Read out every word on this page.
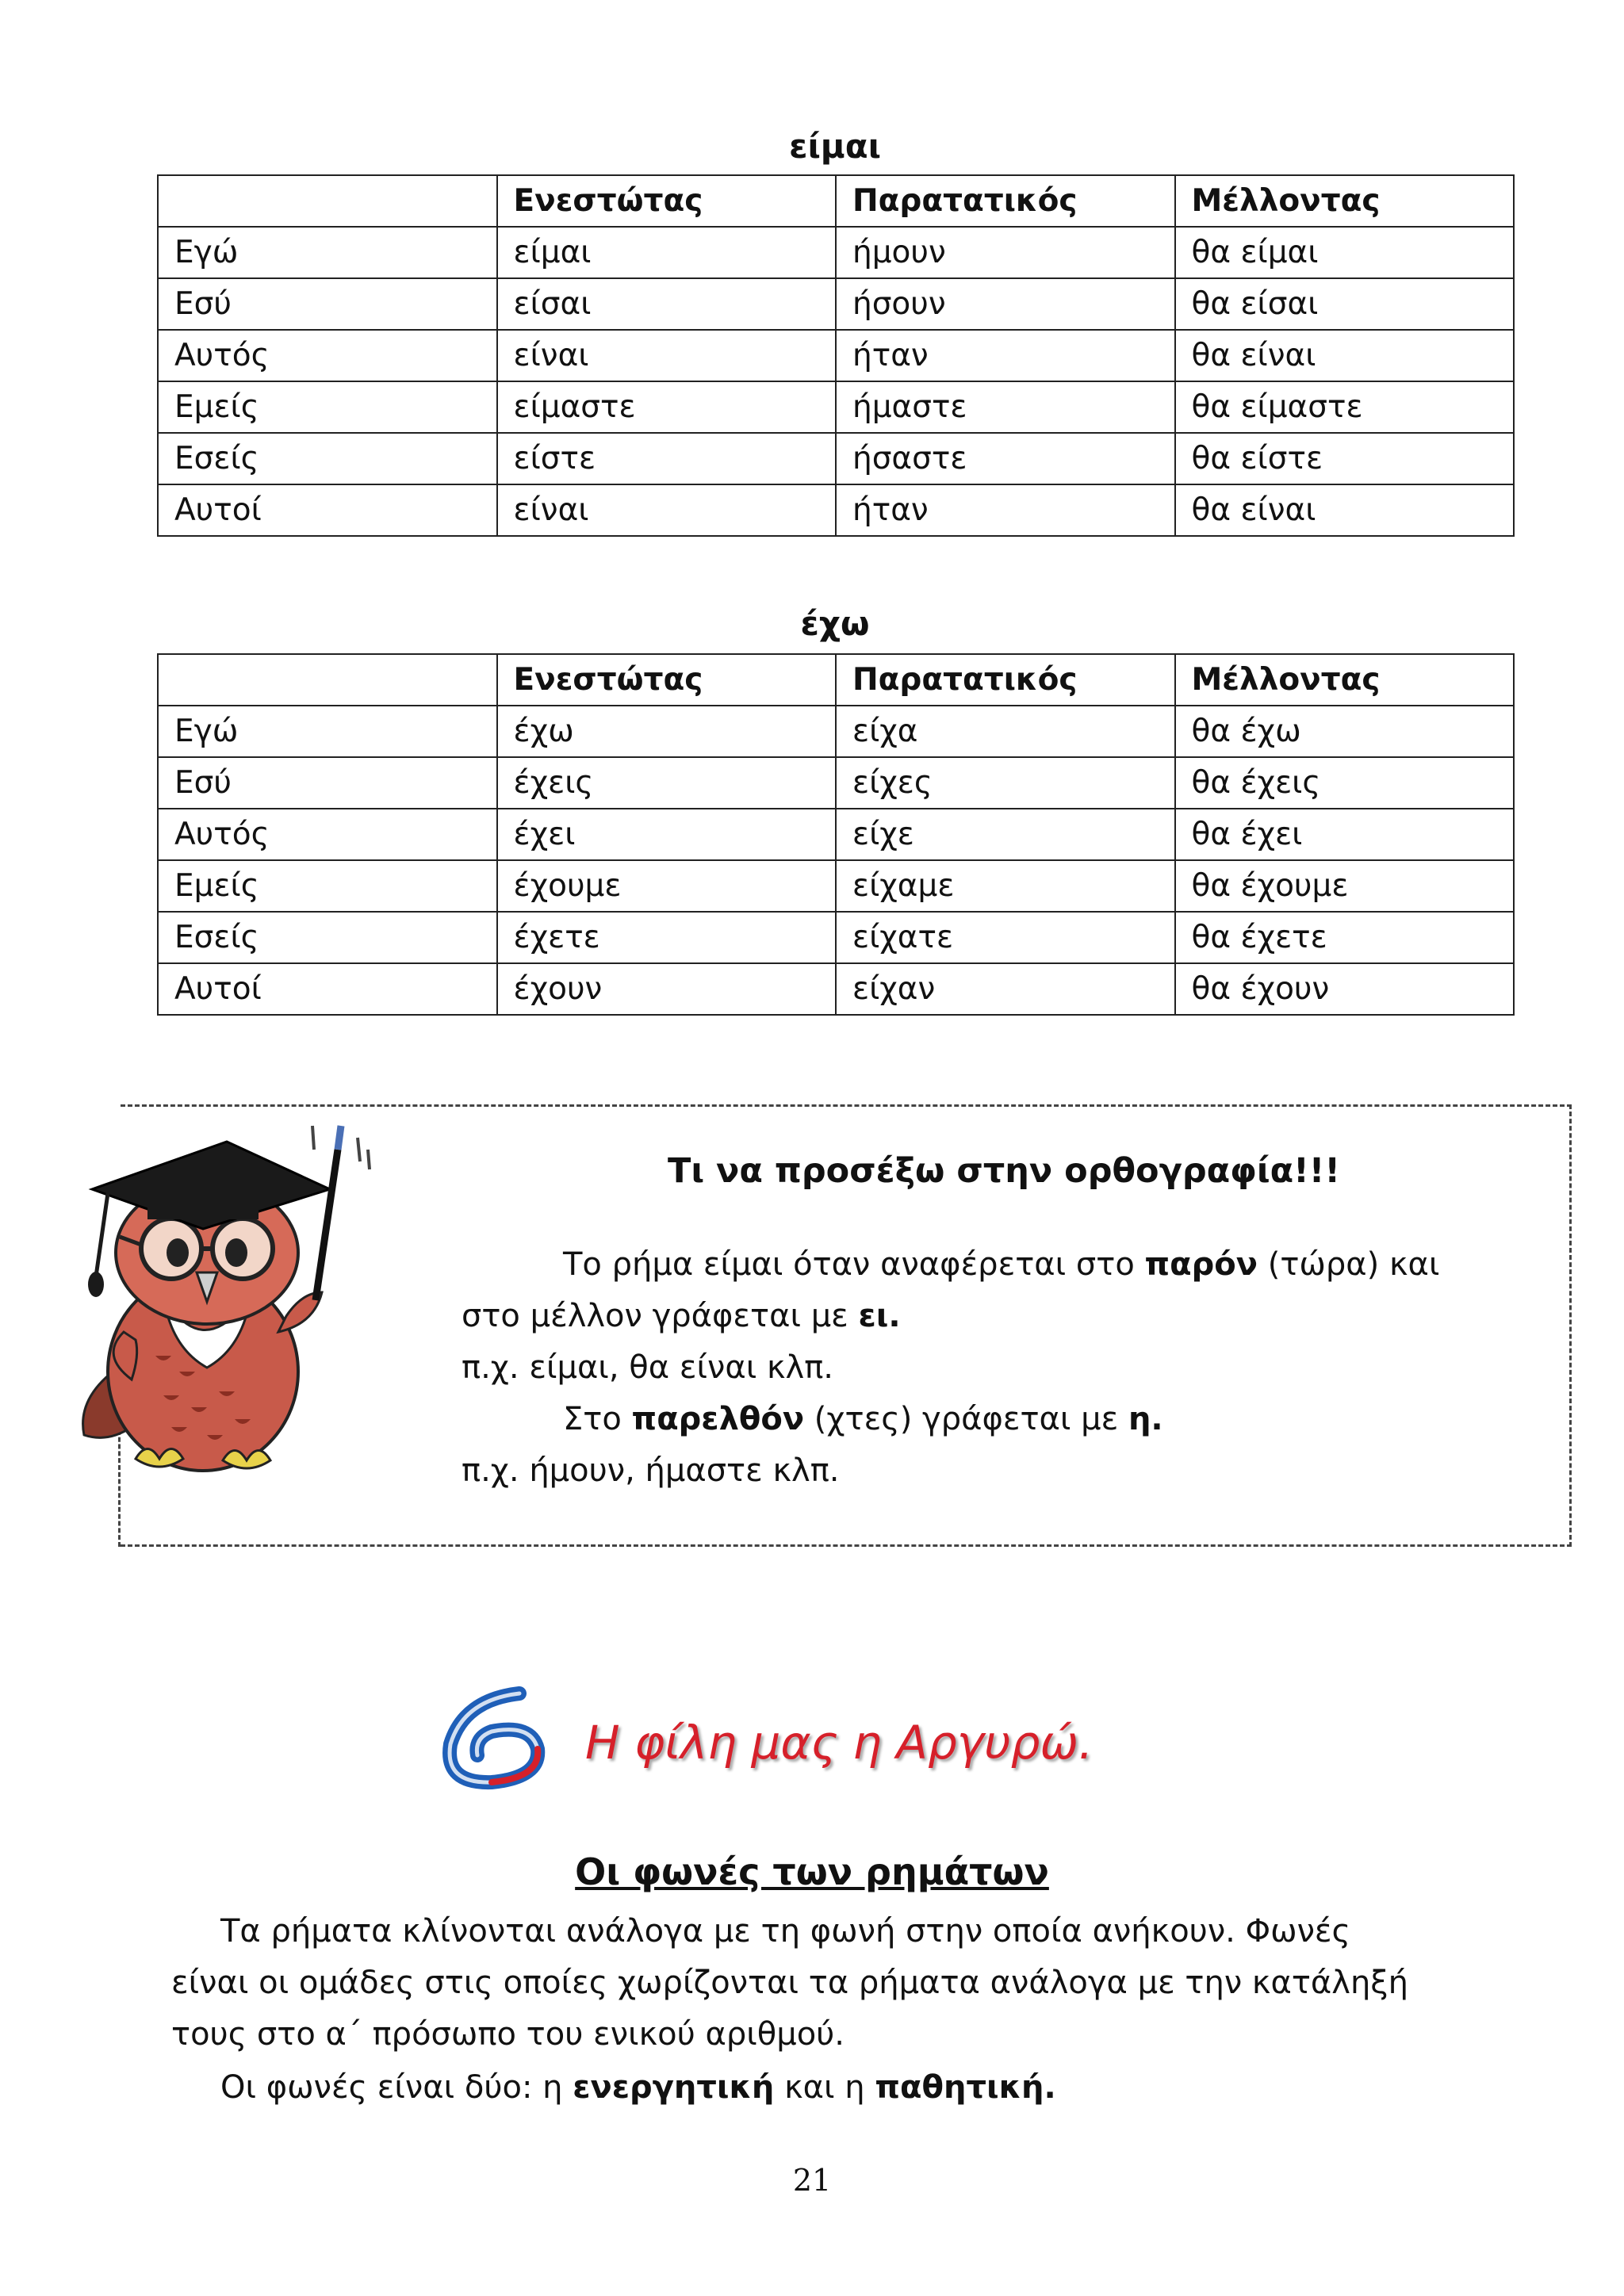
είμαι
	Ενεστώτας	Παρατατικός	Μέλλοντας
Εγώ	είμαι	ήμουν	θα είμαι
Εσύ	είσαι	ήσουν	θα είσαι
Αυτός	είναι	ήταν	θα είναι
Εμείς	είμαστε	ήμαστε	θα είμαστε
Εσείς	είστε	ήσαστε	θα είστε
Αυτοί	είναι	ήταν	θα είναι
έχω
	Ενεστώτας	Παρατατικός	Μέλλοντας
Εγώ	έχω	είχα	θα έχω
Εσύ	έχεις	είχες	θα έχεις
Αυτός	έχει	είχε	θα έχει
Εμείς	έχουμε	είχαμε	θα έχουμε
Εσείς	έχετε	είχατε	θα έχετε
Αυτοί	έχουν	είχαν	θα έχουν
Τι να προσέξω στην ορθογραφία!!!
Το ρήμα είμαι όταν αναφέρεται στο παρόν (τώρα) και
στο μέλλον γράφεται με ει.
π.χ. είμαι, θα είναι κλπ.
Στο παρελθόν (χτες) γράφεται με η.
π.χ. ήμουν, ήμαστε κλπ.
Η φίλη μας η Αργυρώ.
Οι φωνές των ρημάτων
Τα ρήματα κλίνονται ανάλογα με τη φωνή στην οποία ανήκουν. Φωνές
είναι οι ομάδες στις οποίες χωρίζονται τα ρήματα ανάλογα με την κατάληξή
τους στο α΄ πρόσωπο του ενικού αριθμού.
Οι φωνές είναι δύο: η ενεργητική και η παθητική.
21
